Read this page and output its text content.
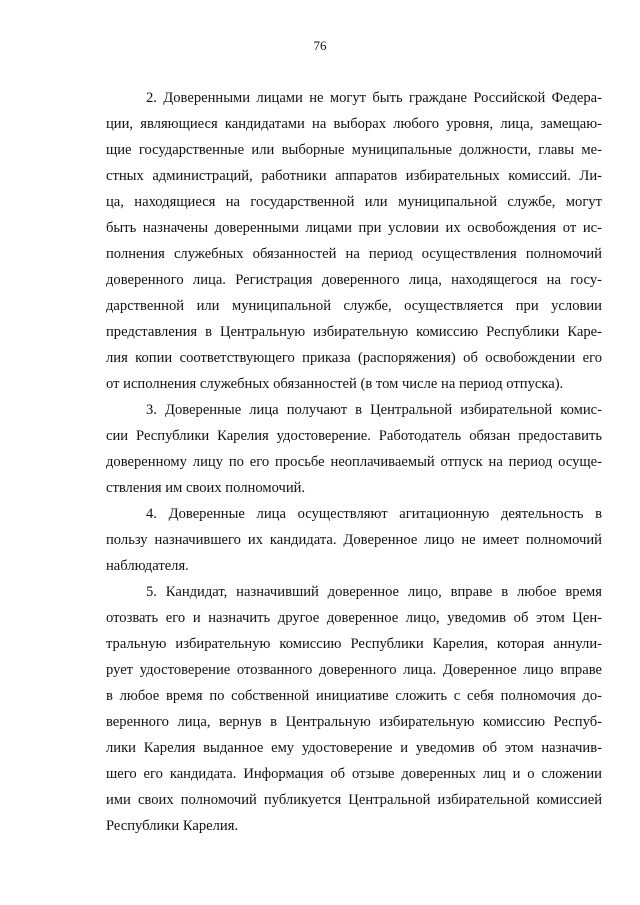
76
2. Доверенными лицами не могут быть граждане Российской Федера-
ции, являющиеся кандидатами на выборах любого уровня, лица, замещаю-
щие государственные или выборные муниципальные должности, главы ме-
стных администраций, работники аппаратов избирательных комиссий. Ли-
ца, находящиеся на государственной или муниципальной службе, могут
быть назначены доверенными лицами при условии их освобождения от ис-
полнения служебных обязанностей на период осуществления полномочий
доверенного лица. Регистрация доверенного лица, находящегося на госу-
дарственной или муниципальной службе, осуществляется при условии
представления в Центральную избирательную комиссию Республики Каре-
лия копии соответствующего приказа (распоряжения) об освобождении его
от исполнения служебных обязанностей (в том числе на период отпуска).
3. Доверенные лица получают в Центральной избирательной комис-
сии Республики Карелия удостоверение. Работодатель обязан предоставить
доверенному лицу по его просьбе неоплачиваемый отпуск на период осуще-
ствления им своих полномочий.
4. Доверенные лица осуществляют агитационную деятельность в
пользу назначившего их кандидата. Доверенное лицо не имеет полномочий
наблюдателя.
5. Кандидат, назначивший доверенное лицо, вправе в любое время
отозвать его и назначить другое доверенное лицо, уведомив об этом Цен-
тральную избирательную комиссию Республики Карелия, которая аннули-
рует удостоверение отозванного доверенного лица. Доверенное лицо вправе
в любое время по собственной инициативе сложить с себя полномочия до-
веренного лица, вернув в Центральную избирательную комиссию Респуб-
лики Карелия выданное ему удостоверение и уведомив об этом назначив-
шего его кандидата. Информация об отзыве доверенных лиц и о сложении
ими своих полномочий публикуется Центральной избирательной комиссией
Республики Карелия.
